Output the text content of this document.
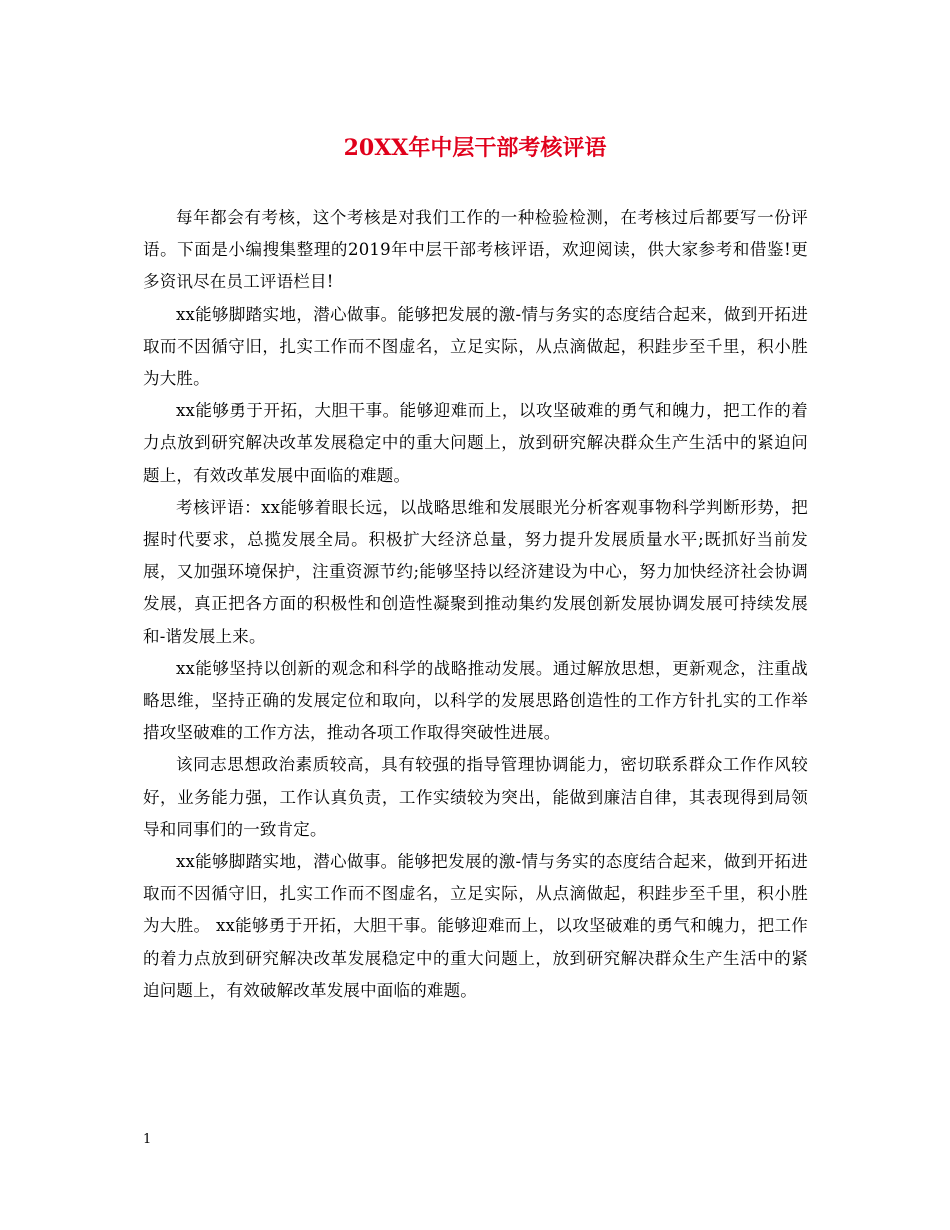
20XX年中层干部考核评语

每年都会有考核，这个考核是对我们工作的一种检验检测，在考核过后都要写一份评语。下面是小编搜集整理的2019年中层干部考核评语，欢迎阅读，供大家参考和借鉴!更多资讯尽在员工评语栏目!

xx能够脚踏实地，潜心做事。能够把发展的激-情与务实的态度结合起来，做到开拓进取而不因循守旧，扎实工作而不图虚名，立足实际，从点滴做起，积跬步至千里，积小胜为大胜。

xx能够勇于开拓，大胆干事。能够迎难而上，以攻坚破难的勇气和魄力，把工作的着力点放到研究解决改革发展稳定中的重大问题上，放到研究解决群众生产生活中的紧迫问题上，有效改革发展中面临的难题。

考核评语：xx能够着眼长远，以战略思维和发展眼光分析客观事物科学判断形势，把握时代要求，总揽发展全局。积极扩大经济总量，努力提升发展质量水平;既抓好当前发展，又加强环境保护，注重资源节约;能够坚持以经济建设为中心，努力加快经济社会协调发展，真正把各方面的积极性和创造性凝聚到推动集约发展创新发展协调发展可持续发展和-谐发展上来。

xx能够坚持以创新的观念和科学的战略推动发展。通过解放思想，更新观念，注重战略思维，坚持正确的发展定位和取向，以科学的发展思路创造性的工作方针扎实的工作举措攻坚破难的工作方法，推动各项工作取得突破性进展。

该同志思想政治素质较高，具有较强的指导管理协调能力，密切联系群众工作作风较好，业务能力强，工作认真负责，工作实绩较为突出，能做到廉洁自律，其表现得到局领导和同事们的一致肯定。

xx能够脚踏实地，潜心做事。能够把发展的激-情与务实的态度结合起来，做到开拓进取而不因循守旧，扎实工作而不图虚名，立足实际，从点滴做起，积跬步至千里，积小胜为大胜。 xx能够勇于开拓，大胆干事。能够迎难而上，以攻坚破难的勇气和魄力，把工作的着力点放到研究解决改革发展稳定中的重大问题上，放到研究解决群众生产生活中的紧迫问题上，有效破解改革发展中面临的难题。

1
